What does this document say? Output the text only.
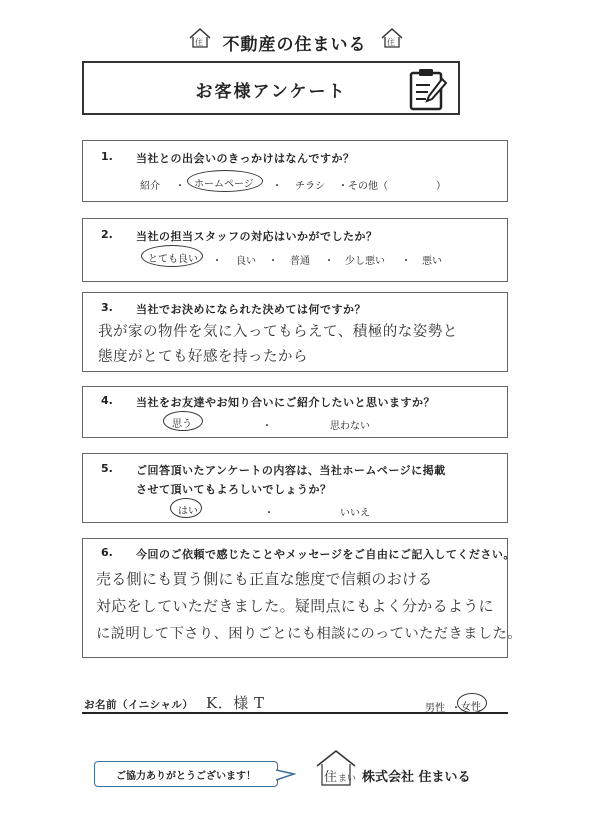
住	不動産の住まいる	住
お客様アンケート
1. 当社との出会いのきっかけはなんですか？
紹介 ・ ホームページ ・ チラシ ・その他（	）
2. 当社の担当スタッフの対応はいかがでしたか？
とても良い ・ 良い ・ 普通 ・ 少し悪い ・ 悪い
3. 当社でお決めになられた決めては何ですか？
我が家の物件を気に入ってもらえて、積極的な姿勢と
態度がとても好感を持ったから
4. 当社をお友達やお知り合いにご紹介したいと思いますか？
思う	・	思わない
5. ご回答頂いたアンケートの内容は、当社ホームページに掲載
させて頂いてもよろしいでしょうか？
はい	・	いいえ
6. 今回のご依頼で感じたことやメッセージをご自由にご記入してください。
売る側にも買う側にも正直な態度で信頼のおける
対応をしていただきました。疑問点にもよく分かるように
に説明して下さり、困りごとにも相談にのっていただきました。
お名前（イニシャル） K．様 T	男性 ・ 女性
ご協力ありがとうございます！	住 まい 株式会社 住まいる
